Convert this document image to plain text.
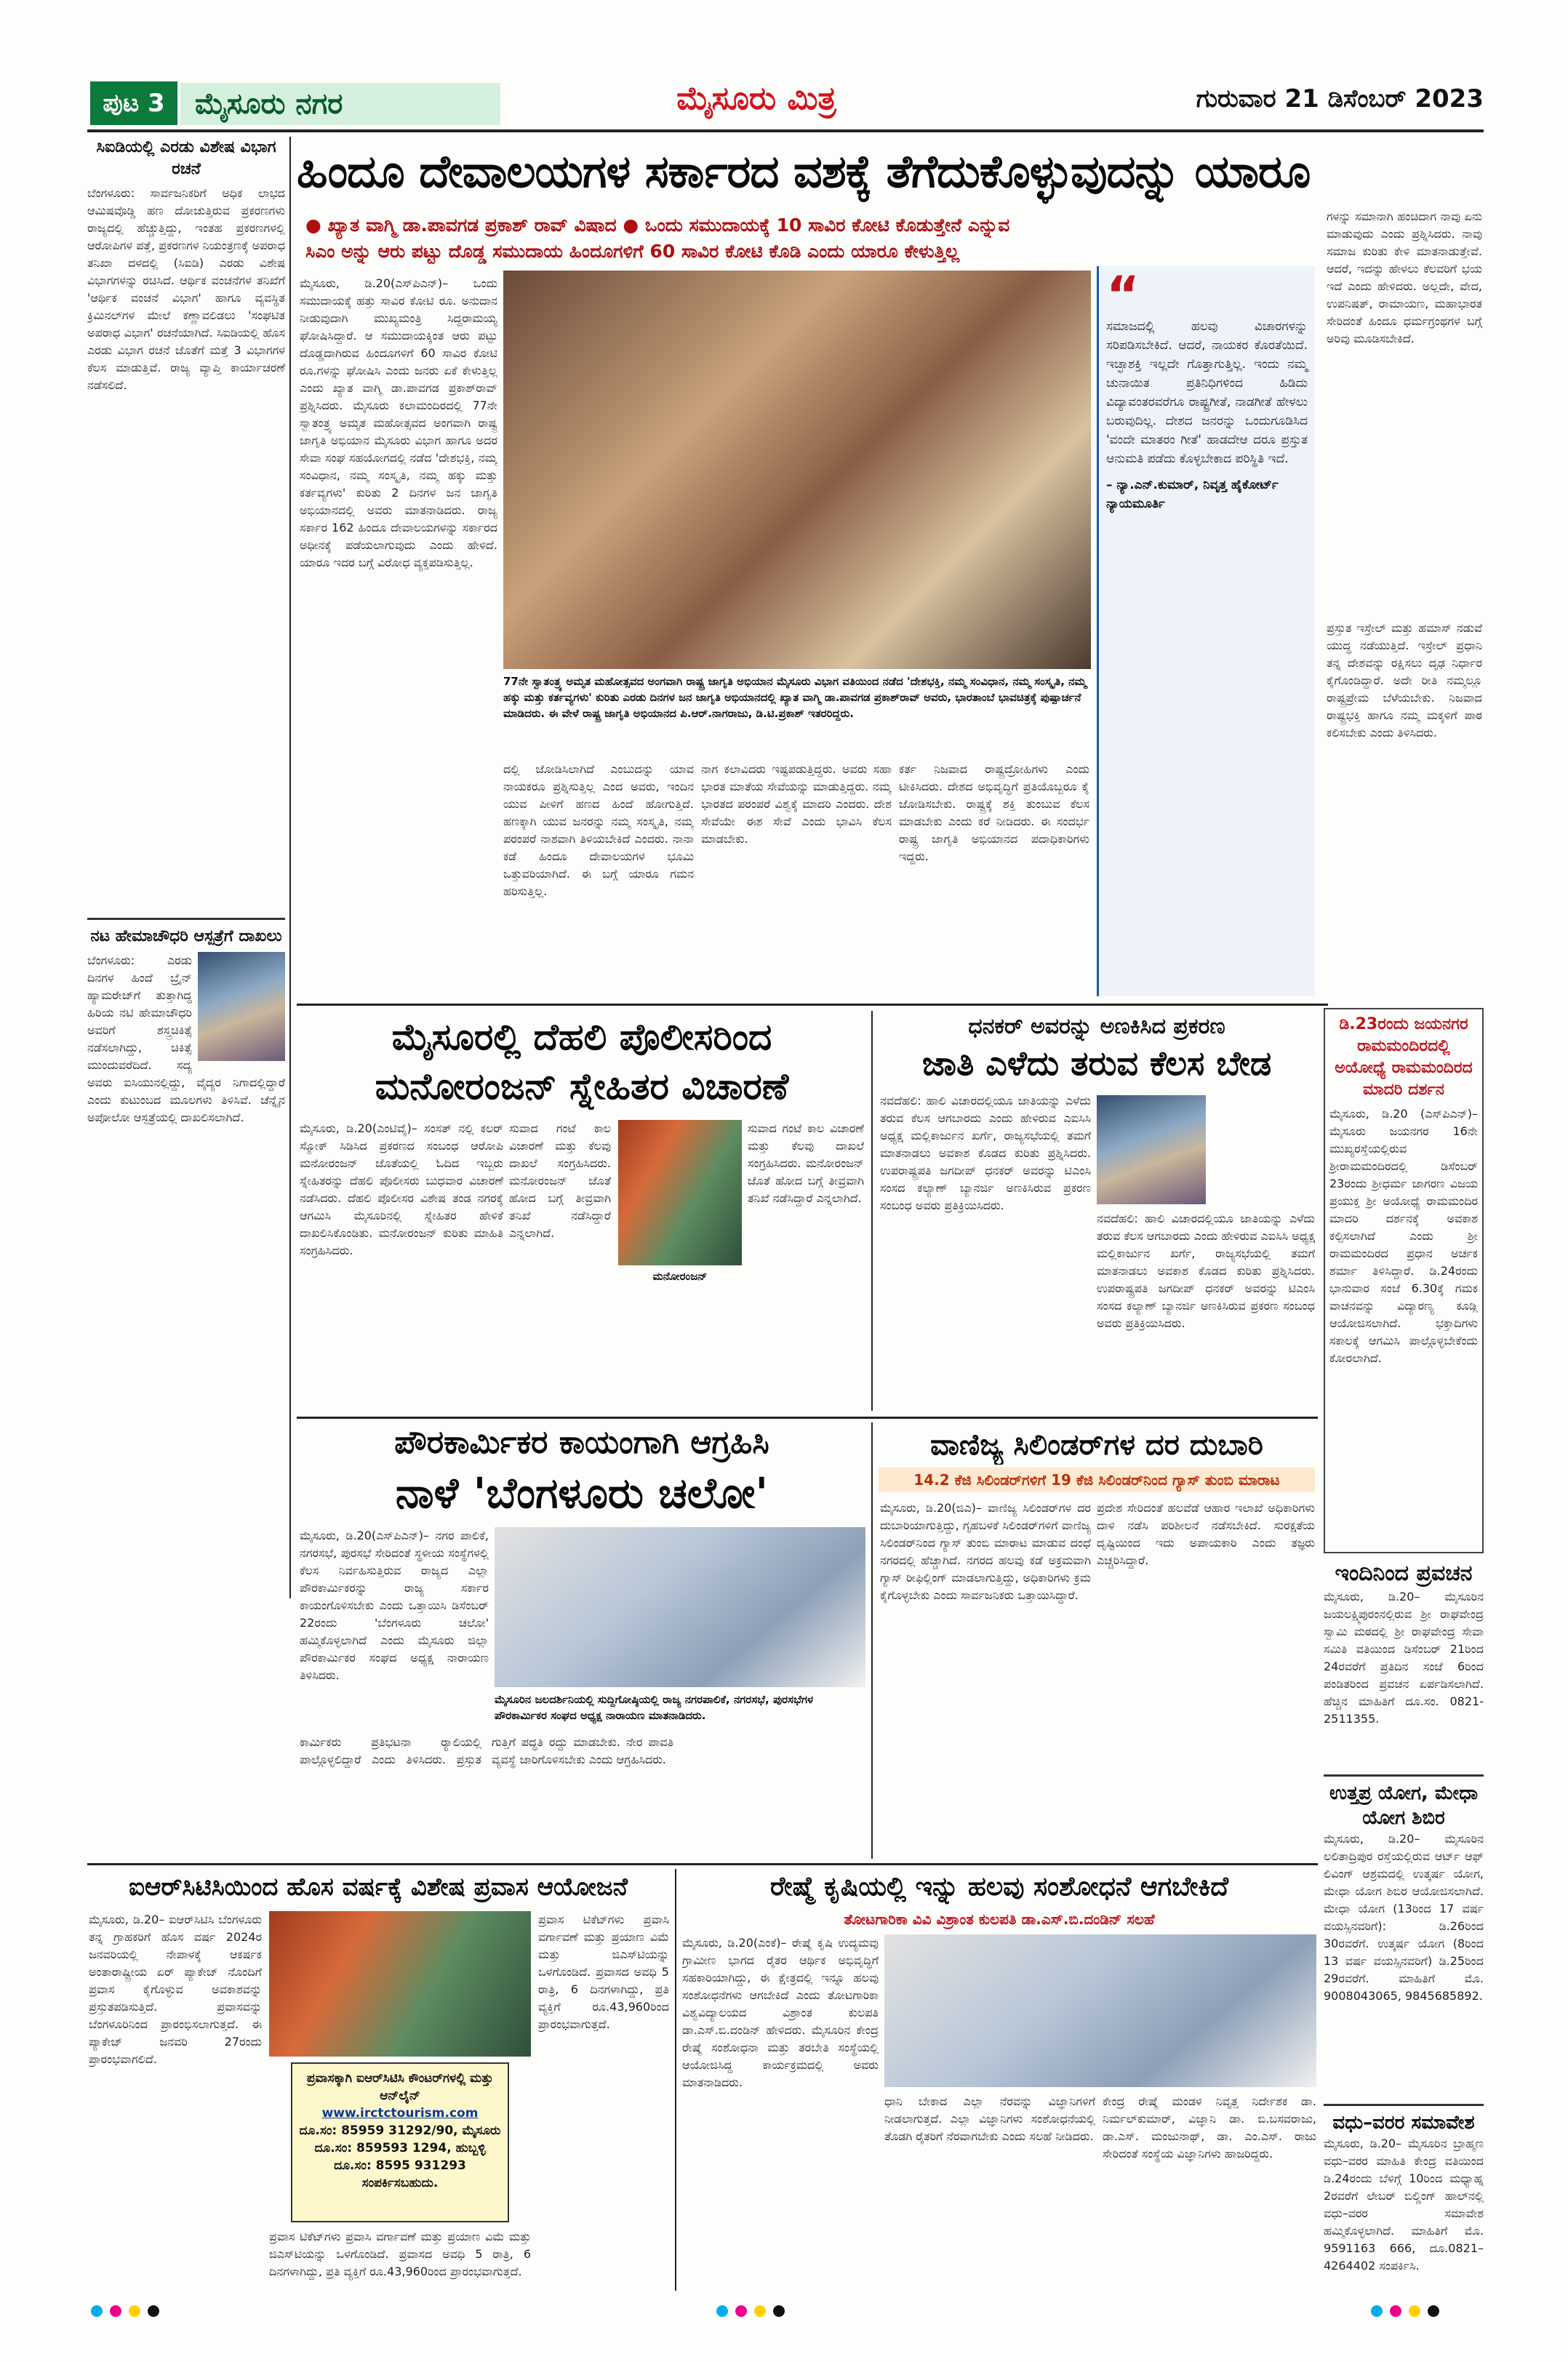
ಪುಟ 3 ಮೈಸೂರು ನಗರ	ಮೈಸೂರು ಮಿತ್ರ	ಗುರುವಾರ 21 ಡಿಸೆಂಬರ್ 2023
ಸಿಐಡಿಯಲ್ಲಿ ಎರಡು ವಿಶೇಷ ವಿಭಾಗ ರಚನೆ
ಬೆಂಗಳೂರು: ಸಾರ್ವಜನಿಕರಿಗೆ ಅಧಿಕ ಲಾಭದ ಆಮಿಷವೊಡ್ಡಿ ಹಣ ದೋಚುತ್ತಿರುವ ಪ್ರಕರಣಗಳು ರಾಜ್ಯದಲ್ಲಿ ಹೆಚ್ಚುತ್ತಿದ್ದು, ಇಂತಹ ಪ್ರಕರಣಗಳಲ್ಲಿ ಆರೋಪಿಗಳ ಪತ್ತೆ, ಪ್ರಕರಣಗಳ ನಿಯಂತ್ರಣಕ್ಕೆ ಅಪರಾಧ ತನಿಖಾ ದಳದಲ್ಲಿ (ಸಿಐಡಿ) ಎರಡು ವಿಶೇಷ ವಿಭಾಗಗಳನ್ನು ರಚಿಸಿದೆ. ಆರ್ಥಿಕ ವಂಚನೆಗಳ ತನಿಖೆಗೆ 'ಆರ್ಥಿಕ ವಂಚನೆ ವಿಭಾಗ' ಹಾಗೂ ವ್ಯವಸ್ಥಿತ ಕ್ರಿಮಿನಲ್‌ಗಳ ಮೇಲೆ ಕಣ್ಣಾವಲಿಡಲು 'ಸಂಘಟಿತ ಅಪರಾಧ ವಿಭಾಗ' ರಚನೆಯಾಗಿದೆ. ಸಿಐಡಿಯಲ್ಲಿ ಹೊಸ ಎರಡು ವಿಭಾಗ ರಚನೆ ಜೊತೆಗೆ ಮತ್ತೆ 3 ವಿಭಾಗಗಳ ಕೆಲಸ ಮಾಡುತ್ತಿವೆ. ರಾಜ್ಯ ವ್ಯಾಪ್ತಿ ಕಾರ್ಯಾಚರಣೆ ನಡೆಸಲಿದೆ.
ನಟ ಹೇಮಾಚೌಧರಿ ಆಸ್ಪತ್ರೆಗೆ ದಾಖಲು
ಬೆಂಗಳೂರು: ಎರಡು ದಿನಗಳ ಹಿಂದೆ ಬ್ರೈನ್ ಹ್ಯಾಮರೇಜ್‌ಗೆ ತುತ್ತಾಗಿದ್ದ ಹಿರಿಯ ನಟಿ ಹೇಮಾಚೌಧರಿ ಅವರಿಗೆ ಶಸ್ತ್ರಚಿಕಿತ್ಸೆ ನಡೆಸಲಾಗಿದ್ದು, ಚಿಕಿತ್ಸೆ ಮುಂದುವರೆದಿದೆ. ಸದ್ಯ ಅವರು ಐಸಿಯುನಲ್ಲಿದ್ದು, ವೈದ್ಯರ ನಿಗಾದಲ್ಲಿದ್ದಾರೆ ಎಂದು ಕುಟುಂಬದ ಮೂಲಗಳು ತಿಳಿಸಿವೆ. ಚೆನ್ನೈನ ಅಪೋಲೋ ಆಸ್ಪತ್ರೆಯಲ್ಲಿ ದಾಖಲಿಸಲಾಗಿದೆ.
ಹಿಂದೂ ದೇವಾಲಯಗಳ ಸರ್ಕಾರದ ವಶಕ್ಕೆ ತೆಗೆದುಕೊಳ್ಳುವುದನ್ನು ಯಾರೂ
● ಖ್ಯಾತ ವಾಗ್ಮಿ ಡಾ.ಪಾವಗಡ ಪ್ರಕಾಶ್ ರಾವ್ ವಿಷಾದ ● ಒಂದು ಸಮುದಾಯಕ್ಕೆ 10 ಸಾವಿರ ಕೋಟಿ ಕೊಡುತ್ತೇನೆ ಎನ್ನುವ
ಸಿಎಂ ಅನ್ನು ಆರು ಪಟ್ಟು ದೊಡ್ಡ ಸಮುದಾಯ ಹಿಂದೂಗಳಿಗೆ 60 ಸಾವಿರ ಕೋಟಿ ಕೊಡಿ ಎಂದು ಯಾರೂ ಕೇಳುತ್ತಿಲ್ಲ
ಮೈಸೂರು, ಡಿ.20(ಎಸ್‌ಪಿಎನ್)– ಒಂದು ಸಮುದಾಯಕ್ಕೆ ಹತ್ತು ಸಾವಿರ ಕೋಟಿ ರೂ. ಅನುದಾನ ನೀಡುವುದಾಗಿ ಮುಖ್ಯಮಂತ್ರಿ ಸಿದ್ದರಾಮಯ್ಯ ಘೋಷಿಸಿದ್ದಾರೆ. ಆ ಸಮುದಾಯಕ್ಕಿಂತ ಆರು ಪಟ್ಟು ದೊಡ್ಡದಾಗಿರುವ ಹಿಂದೂಗಳಿಗೆ 60 ಸಾವಿರ ಕೋಟಿ ರೂ.ಗಳನ್ನು ಘೋಷಿಸಿ ಎಂದು ಜನರು ಏಕೆ ಕೇಳುತ್ತಿಲ್ಲ ಎಂದು ಖ್ಯಾತ ವಾಗ್ಮಿ ಡಾ.ಪಾವಗಡ ಪ್ರಕಾಶ್‌ರಾವ್ ಪ್ರಶ್ನಿಸಿದರು. ಮೈಸೂರು ಕಲಾಮಂದಿರದಲ್ಲಿ 77ನೇ ಸ್ವಾತಂತ್ರ್ಯ ಅಮೃತ ಮಹೋತ್ಸವದ ಅಂಗವಾಗಿ ರಾಷ್ಟ್ರ ಜಾಗೃತಿ ಅಭಿಯಾನ ಮೈಸೂರು ವಿಭಾಗ ಹಾಗೂ ಅದರ ಸೇವಾ ಸಂಘ ಸಹಯೋಗದಲ್ಲಿ ನಡೆದ 'ದೇಶಭಕ್ತಿ, ನಮ್ಮ ಸಂವಿಧಾನ, ನಮ್ಮ ಸಂಸ್ಕೃತಿ, ನಮ್ಮ ಹಕ್ಕು ಮತ್ತು ಕರ್ತವ್ಯಗಳು' ಕುರಿತು 2 ದಿನಗಳ ಜನ ಜಾಗೃತಿ ಅಭಿಯಾನದಲ್ಲಿ ಅವರು ಮಾತನಾಡಿದರು. ರಾಜ್ಯ ಸರ್ಕಾರ 162 ಹಿಂದೂ ದೇವಾಲಯಗಳನ್ನು ಸರ್ಕಾರದ ಅಧೀನಕ್ಕೆ ಪಡೆಯಲಾಗುವುದು ಎಂದು ಹೇಳಿದೆ. ಯಾರೂ ಇದರ ಬಗ್ಗೆ ವಿರೋಧ ವ್ಯಕ್ತಪಡಿಸುತ್ತಿಲ್ಲ.
77ನೇ ಸ್ವಾತಂತ್ರ್ಯ ಅಮೃತ ಮಹೋತ್ಸವದ ಅಂಗವಾಗಿ ರಾಷ್ಟ್ರ ಜಾಗೃತಿ ಅಭಿಯಾನ ಮೈಸೂರು ವಿಭಾಗ ವತಿಯಿಂದ ನಡೆದ 'ದೇಶಭಕ್ತಿ, ನಮ್ಮ ಸಂವಿಧಾನ, ನಮ್ಮ ಸಂಸ್ಕೃತಿ, ನಮ್ಮ ಹಕ್ಕು ಮತ್ತು ಕರ್ತವ್ಯಗಳು' ಕುರಿತು ಎರಡು ದಿನಗಳ ಜನ ಜಾಗೃತಿ ಅಭಿಯಾನದಲ್ಲಿ ಖ್ಯಾತ ವಾಗ್ಮಿ ಡಾ.ಪಾವಗಡ ಪ್ರಕಾಶ್‌ರಾವ್ ಅವರು, ಭಾರತಾಂಬೆ ಭಾವಚಿತ್ರಕ್ಕೆ ಪುಷ್ಪಾರ್ಚನೆ ಮಾಡಿದರು. ಈ ವೇಳೆ ರಾಷ್ಟ್ರ ಜಾಗೃತಿ ಅಭಿಯಾನದ ಪಿ.ಆರ್.ನಾಗರಾಜು, ಡಿ.ಟಿ.ಪ್ರಕಾಶ್ ಇತರರಿದ್ದರು.
ದಲ್ಲಿ ಜೋಡಿಸಿಲಾಗಿದೆ ಎಂಬುದನ್ನು ಯಾವ ನಾಯಕರೂ ಪ್ರಶ್ನಿಸುತ್ತಿಲ್ಲ ಎಂದ ಅವರು, ಇಂದಿನ ಯುವ ಪೀಳಿಗೆ ಹಣದ ಹಿಂದೆ ಹೋಗುತ್ತಿದೆ. ಹಣಕ್ಕಾಗಿ ಯುವ ಜನರನ್ನು ನಮ್ಮ ಸಂಸ್ಕೃತಿ, ನಮ್ಮ ಪರಂಪರೆ ನಾಶವಾಗಿ ತಿಳಿಯಬೇಕಿದೆ ಎಂದರು. ನಾನಾ ಕಡೆ ಹಿಂದೂ ದೇವಾಲಯಗಳ ಭೂಮಿ ಒತ್ತುವರಿಯಾಗಿದೆ. ಈ ಬಗ್ಗೆ ಯಾರೂ ಗಮನ ಹರಿಸುತ್ತಿಲ್ಲ.
ನಾಗ ಕಲಾವಿದರು ಇಷ್ಟಪಡುತ್ತಿದ್ದರು. ಅವರು ಸಹಾ ಭಾರತ ಮಾತೆಯ ಸೇವೆಯನ್ನು ಮಾಡುತ್ತಿದ್ದರು. ನಮ್ಮ ಭಾರತದ ಪರಂಪರೆ ವಿಶ್ವಕ್ಕೆ ಮಾದರಿ ಎಂದರು. ದೇಶ ಸೇವೆಯೇ ಈಶ ಸೇವೆ ಎಂದು ಭಾವಿಸಿ ಕೆಲಸ ಮಾಡಬೇಕು.
ಕರ್ತ ನಿಜವಾದ ರಾಷ್ಟ್ರದ್ರೋಹಿಗಳು ಎಂದು ಟೀಕಿಸಿದರು. ದೇಶದ ಅಭಿವೃದ್ಧಿಗೆ ಪ್ರತಿಯೊಬ್ಬರೂ ಕೈ ಜೋಡಿಸಬೇಕು. ರಾಷ್ಟ್ರಕ್ಕೆ ಶಕ್ತಿ ತುಂಬುವ ಕೆಲಸ ಮಾಡಬೇಕು ಎಂದು ಕರೆ ನೀಡಿದರು. ಈ ಸಂದರ್ಭ ರಾಷ್ಟ್ರ ಜಾಗೃತಿ ಅಭಿಯಾನದ ಪದಾಧಿಕಾರಿಗಳು ಇದ್ದರು.
“
ಸಮಾಜದಲ್ಲಿ ಹಲವು ವಿಚಾರಗಳನ್ನು ಸರಿಪಡಿಸಬೇಕಿದೆ. ಆದರೆ, ನಾಯಕರ ಕೊರತೆಯಿದೆ. ಇಚ್ಛಾಶಕ್ತಿ ಇಲ್ಲದೇ ಗೊತ್ತಾಗುತ್ತಿಲ್ಲ. ಇಂದು ನಮ್ಮ ಚುನಾಯಿತ ಪ್ರತಿನಿಧಿಗಳಿಂದ ಹಿಡಿದು ವಿದ್ಯಾವಂತರವರೆಗೂ ರಾಷ್ಟ್ರಗೀತೆ, ನಾಡಗೀತೆ ಹೇಳಲು ಬರುವುದಿಲ್ಲ. ದೇಶದ ಜನರನ್ನು ಒಂದುಗೂಡಿಸಿದ 'ವಂದೇ ಮಾತರಂ ಗೀತೆ' ಹಾಡದೇಆ ದರೂ ಪ್ರಸ್ತುತ ಆನುಮತಿ ಪಡೆದು ಕೊಳ್ಳಬೇಕಾದ ಪರಿಸ್ಥಿತಿ ಇದೆ.
– ನ್ಯಾ.ಎನ್.ಕುಮಾರ್, ನಿವೃತ್ತ ಹೈಕೋರ್ಟ್ ನ್ಯಾಯಮೂರ್ತಿ
ಗಳನ್ನು ಸಮಾನಾಗಿ ಹಂಚಿದಾಗ ನಾವು ಏನು ಮಾಡುವುದು ಎಂದು ಪ್ರಶ್ನಿಸಿದರು. ನಾವು ಸಮಾಜ ಕುರಿತು ಕೇಳಿ ಮಾತನಾಡುತ್ತೇವೆ. ಆದರೆ, ಇದನ್ನು ಹೇಳಲು ಕೆಲವರಿಗೆ ಭಯ ಇದೆ ಎಂದು ಹೇಳಿದರು. ಅಲ್ಲದೇ, ವೇದ, ಉಪನಿಷತ್, ರಾಮಾಯಣ, ಮಹಾಭಾರತ ಸೇರಿದಂತೆ ಹಿಂದೂ ಧರ್ಮಗ್ರಂಥಗಳ ಬಗ್ಗೆ ಅರಿವು ಮೂಡಿಸಬೇಕಿದೆ.
ಪ್ರಸ್ತುತ ಇಸ್ರೇಲ್ ಮತ್ತು ಹಮಾಸ್ ನಡುವೆ ಯುದ್ಧ ನಡೆಯುತ್ತಿದೆ. ಇಸ್ರೇಲ್ ಪ್ರಧಾನಿ ತನ್ನ ದೇಶವನ್ನು ರಕ್ಷಿಸಲು ದೃಢ ನಿರ್ಧಾರ ಕೈಗೊಂಡಿದ್ದಾರೆ. ಅದೇ ರೀತಿ ನಮ್ಮಲ್ಲೂ ರಾಷ್ಟ್ರಪ್ರೇಮ ಬೆಳೆಯಬೇಕು. ನಿಜವಾದ ರಾಷ್ಟ್ರಭಕ್ತಿ ಹಾಗೂ ನಮ್ಮ ಮಕ್ಕಳಿಗೆ ಪಾಠ ಕಲಿಸಬೇಕು ಎಂದು ತಿಳಿಸಿದರು.
ಮೈಸೂರಲ್ಲಿ ದೆಹಲಿ ಪೊಲೀಸರಿಂದ
ಮನೋರಂಜನ್ ಸ್ನೇಹಿತರ ವಿಚಾರಣೆ
ಮೈಸೂರು, ಡಿ.20(ಎಂಟಿವೈ)– ಸಂಸತ್ ನಲ್ಲಿ ಕಲರ್ ಸ್ಮೋಕ್ ಸಿಡಿಸಿದ ಪ್ರಕರಣದ ಸಂಬಂಧ ಆರೋಪಿ ಮನೋರಂಜನ್‌ ಜೊತೆಯಲ್ಲಿ ಓದಿದ ಇಬ್ಬರು ಸ್ನೇಹಿತರನ್ನು ದೆಹಲಿ ಪೊಲೀಸರು ಬುಧವಾರ ವಿಚಾರಣೆ ನಡೆಸಿದರು. ದೆಹಲಿ ಪೊಲೀಸರ ವಿಶೇಷ ತಂಡ ನಗರಕ್ಕೆ ಆಗಮಿಸಿ ಮೈಸೂರಿನಲ್ಲಿ ಸ್ನೇಹಿತರ ಹೇಳಿಕೆ ದಾಖಲಿಸಿಕೊಂಡಿತು. ಮನೋರಂಜನ್ ಕುರಿತು ಮಾಹಿತಿ ಸಂಗ್ರಹಿಸಿದರು.
ಸುವಾದ ಗಂಟೆ ಕಾಲ ವಿಚಾರಣೆ ಮತ್ತು ಕೆಲವು ದಾಖಲೆ ಸಂಗ್ರಹಿಸಿದರು. ಮನೋರಂಜನ್ ಜೊತೆ ಹೋದ ಬಗ್ಗೆ ತೀವ್ರವಾಗಿ ತನಿಖೆ ನಡೆಸಿದ್ದಾರೆ ಎನ್ನಲಾಗಿದೆ.
ಮನೋರಂಜನ್
ಸುವಾದ ಗಂಟೆ ಕಾಲ ವಿಚಾರಣೆ ಮತ್ತು ಕೆಲವು ದಾಖಲೆ ಸಂಗ್ರಹಿಸಿದರು. ಮನೋರಂಜನ್ ಜೊತೆ ಹೋದ ಬಗ್ಗೆ ತೀವ್ರವಾಗಿ ತನಿಖೆ ನಡೆಸಿದ್ದಾರೆ ಎನ್ನಲಾಗಿದೆ.
ಧನಕರ್ ಅವರನ್ನು ಅಣಕಿಸಿದ ಪ್ರಕರಣ
ಜಾತಿ ಎಳೆದು ತರುವ ಕೆಲಸ ಬೇಡ
ನವದೆಹಲಿ: ಹಾಲಿ ವಿಚಾರದಲ್ಲಿಯೂ ಜಾತಿಯನ್ನು ಎಳೆದು ತರುವ ಕೆಲಸ ಆಗಬಾರದು ಎಂದು ಹೇಳಿರುವ ಎಐಸಿಸಿ ಅಧ್ಯಕ್ಷ ಮಲ್ಲಿಕಾರ್ಜುನ ಖರ್ಗೆ, ರಾಜ್ಯಸಭೆಯಲ್ಲಿ ತಮಗೆ ಮಾತನಾಡಲು ಅವಕಾಶ ಕೊಡದ ಕುರಿತು ಪ್ರಶ್ನಿಸಿದರು. ಉಪರಾಷ್ಟ್ರಪತಿ ಜಗದೀಪ್ ಧನಕರ್ ಅವರನ್ನು ಟಿಎಂಸಿ ಸಂಸದ ಕಲ್ಯಾಣ್ ಬ್ಯಾನರ್ಜಿ ಅಣಕಿಸಿರುವ ಪ್ರಕರಣ ಸಂಬಂಧ ಅವರು ಪ್ರತಿಕ್ರಿಯಿಸಿದರು.
ನವದೆಹಲಿ: ಹಾಲಿ ವಿಚಾರದಲ್ಲಿಯೂ ಜಾತಿಯನ್ನು ಎಳೆದು ತರುವ ಕೆಲಸ ಆಗಬಾರದು ಎಂದು ಹೇಳಿರುವ ಎಐಸಿಸಿ ಅಧ್ಯಕ್ಷ ಮಲ್ಲಿಕಾರ್ಜುನ ಖರ್ಗೆ, ರಾಜ್ಯಸಭೆಯಲ್ಲಿ ತಮಗೆ ಮಾತನಾಡಲು ಅವಕಾಶ ಕೊಡದ ಕುರಿತು ಪ್ರಶ್ನಿಸಿದರು. ಉಪರಾಷ್ಟ್ರಪತಿ ಜಗದೀಪ್ ಧನಕರ್ ಅವರನ್ನು ಟಿಎಂಸಿ ಸಂಸದ ಕಲ್ಯಾಣ್ ಬ್ಯಾನರ್ಜಿ ಅಣಕಿಸಿರುವ ಪ್ರಕರಣ ಸಂಬಂಧ ಅವರು ಪ್ರತಿಕ್ರಿಯಿಸಿದರು.
ಡಿ.23ರಂದು ಜಯನಗರ ರಾಮಮಂದಿರದಲ್ಲಿ ಅಯೋಧ್ಯೆ ರಾಮಮಂದಿರದ ಮಾದರಿ ದರ್ಶನ
ಮೈಸೂರು, ಡಿ.20 (ಎಸ್‌ಪಿಎನ್)– ಮೈಸೂರು ಜಯನಗರ 16ನೇ ಮುಖ್ಯರಸ್ತೆಯಲ್ಲಿರುವ ಶ್ರೀರಾಮಮಂದಿರದಲ್ಲಿ ಡಿಸೆಂಬರ್ 23ರಂದು ಶ್ರೀಧರ್ಮ ಜಾಗರಣ ವಿಜಯ ಪ್ರಯುಕ್ತ ಶ್ರೀ ಅಯೋಧ್ಯೆ ರಾಮಮಂದಿರ ಮಾದರಿ ದರ್ಶನಕ್ಕೆ ಅವಕಾಶ ಕಲ್ಪಿಸಲಾಗಿದೆ ಎಂದು ಶ್ರೀ ರಾಮಮಂದಿರದ ಪ್ರಧಾನ ಅರ್ಚಕ ಶರ್ಮಾ ತಿಳಿಸಿದ್ದಾರೆ. ಡಿ.24ರಂದು ಭಾನುವಾರ ಸಂಜೆ 6.30ಕ್ಕೆ ಗಮಕ ವಾಚನವನ್ನು ವಿದ್ಯಾರಣ್ಯ ಕೂಡ್ಲಿ ಆಯೋಜಿಸಲಾಗಿದೆ. ಭಕ್ತಾದಿಗಳು ಸಕಾಲಕ್ಕೆ ಆಗಮಿಸಿ ಪಾಲ್ಗೊಳ್ಳಬೇಕೆಂದು ಕೋರಲಾಗಿದೆ.
ಪೌರಕಾರ್ಮಿಕರ ಕಾಯಂಗಾಗಿ ಆಗ್ರಹಿಸಿ
ನಾಳೆ 'ಬೆಂಗಳೂರು ಚಲೋ'
ಮೈಸೂರು, ಡಿ.20(ಎಸ್‌ಪಿಎನ್)– ನಗರ ಪಾಲಿಕೆ, ನಗರಸಭೆ, ಪುರಸಭೆ ಸೇರಿದಂತೆ ಸ್ಥಳೀಯ ಸಂಸ್ಥೆಗಳಲ್ಲಿ ಕೆಲಸ ನಿರ್ವಹಿಸುತ್ತಿರುವ ರಾಜ್ಯದ ಎಲ್ಲಾ ಪೌರಕಾರ್ಮಿಕರನ್ನು ರಾಜ್ಯ ಸರ್ಕಾರ ಕಾಯಂಗೊಳಿಸಬೇಕು ಎಂದು ಒತ್ತಾಯಿಸಿ ಡಿಸೆಂಬರ್ 22ರಂದು 'ಬೆಂಗಳೂರು ಚಲೋ' ಹಮ್ಮಿಕೊಳ್ಳಲಾಗಿದೆ ಎಂದು ಮೈಸೂರು ಜಿಲ್ಲಾ ಪೌರಕಾರ್ಮಿಕರ ಸಂಘದ ಅಧ್ಯಕ್ಷ ನಾರಾಯಣ ತಿಳಿಸಿದರು.
ಮೈಸೂರಿನ ಜಲದರ್ಶಿನಿಯಲ್ಲಿ ಸುದ್ದಿಗೋಷ್ಠಿಯಲ್ಲಿ ರಾಜ್ಯ ನಗರಪಾಲಿಕೆ, ನಗರಸಭೆ, ಪುರಸಭೆಗಳ ಪೌರಕಾರ್ಮಿಕರ ಸಂಘದ ಅಧ್ಯಕ್ಷ ನಾರಾಯಣ ಮಾತನಾಡಿದರು.
ಕಾರ್ಮಿಕರು ಪ್ರತಿಭಟನಾ ರ್‍ಯಾಲಿಯಲ್ಲಿ ಪಾಲ್ಗೊಳ್ಳಲಿದ್ದಾರೆ ಎಂದು ತಿಳಿಸಿದರು. ಪ್ರಸ್ತುತ ಗುತ್ತಿಗೆ ಪದ್ಧತಿ ರದ್ದು ಮಾಡಬೇಕು. ನೇರ ಪಾವತಿ ವ್ಯವಸ್ಥೆ ಜಾರಿಗೊಳಿಸಬೇಕು ಎಂದು ಆಗ್ರಹಿಸಿದರು.
ವಾಣಿಜ್ಯ ಸಿಲಿಂಡರ್‌ಗಳ ದರ ದುಬಾರಿ
14.2 ಕೆಜಿ ಸಿಲಿಂಡರ್‌ಗಳಿಗೆ 19 ಕೆಜಿ ಸಿಲಿಂಡರ್‌ನಿಂದ ಗ್ಯಾಸ್ ತುಂಬಿ ಮಾರಾಟ
ಮೈಸೂರು, ಡಿ.20(ಜಿಎ)– ವಾಣಿಜ್ಯ ಸಿಲಿಂಡರ್‌ಗಳ ದರ ದುಬಾರಿಯಾಗುತ್ತಿದ್ದು, ಗೃಹಬಳಕೆ ಸಿಲಿಂಡರ್‌ಗಳಿಗೆ ವಾಣಿಜ್ಯ ಸಿಲಿಂಡರ್‌ನಿಂದ ಗ್ಯಾಸ್ ತುಂಬಿ ಮಾರಾಟ ಮಾಡುವ ದಂಧೆ ನಗರದಲ್ಲಿ ಹೆಚ್ಚಾಗಿದೆ. ನಗರದ ಹಲವು ಕಡೆ ಅಕ್ರಮವಾಗಿ ಗ್ಯಾಸ್ ರೀಫಿಲ್ಲಿಂಗ್ ಮಾಡಲಾಗುತ್ತಿದ್ದು, ಅಧಿಕಾರಿಗಳು ಕ್ರಮ ಕೈಗೊಳ್ಳಬೇಕು ಎಂದು ಸಾರ್ವಜನಿಕರು ಒತ್ತಾಯಿಸಿದ್ದಾರೆ.
ಪ್ರದೇಶ ಸೇರಿದಂತೆ ಹಲವೆಡೆ ಆಹಾರ ಇಲಾಖೆ ಅಧಿಕಾರಿಗಳು ದಾಳಿ ನಡೆಸಿ ಪರಿಶೀಲನೆ ನಡೆಸಬೇಕಿದೆ. ಸುರಕ್ಷತೆಯ ದೃಷ್ಟಿಯಿಂದ ಇದು ಅಪಾಯಕಾರಿ ಎಂದು ತಜ್ಞರು ಎಚ್ಚರಿಸಿದ್ದಾರೆ.
ಇಂದಿನಿಂದ ಪ್ರವಚನ
ಮೈಸೂರು, ಡಿ.20– ಮೈಸೂರಿನ ಜಯಲಕ್ಷ್ಮಿಪುರಂನಲ್ಲಿರುವ ಶ್ರೀ ರಾಘವೇಂದ್ರ ಸ್ವಾಮಿ ಮಠದಲ್ಲಿ ಶ್ರೀ ರಾಘವೇಂದ್ರ ಸೇವಾ ಸಮಿತಿ ವತಿಯಿಂದ ಡಿಸೆಂಬರ್ 21ರಿಂದ 24ರವರೆಗೆ ಪ್ರತಿದಿನ ಸಂಜೆ 6ರಿಂದ ಪಂಡಿತರಿಂದ ಪ್ರವಚನ ಏರ್ಪಡಿಸಲಾಗಿದೆ. ಹೆಚ್ಚಿನ ಮಾಹಿತಿಗೆ ದೂ.ಸಂ. 0821-2511355.
ಉತ್ತಪ್ರ ಯೋಗ, ಮೇಧಾ ಯೋಗ ಶಿಬಿರ
ಮೈಸೂರು, ಡಿ.20– ಮೈಸೂರಿನ ಲಲಿತಾದ್ರಿಪುರ ರಸ್ತೆಯಲ್ಲಿರುವ ಆರ್ಟ್ ಆಫ್ ಲಿವಿಂಗ್ ಆಶ್ರಮದಲ್ಲಿ ಉತ್ಕರ್ಷ ಯೋಗ, ಮೇಧಾ ಯೋಗ ಶಿಬಿರ ಆಯೋಜಿಸಲಾಗಿದೆ. ಮೇಧಾ ಯೋಗ (13ರಿಂದ 17 ವರ್ಷ ವಯಸ್ಸಿನವರಿಗೆ): ಡಿ.26ರಿಂದ 30ರವರೆಗೆ. ಉತ್ಕರ್ಷ ಯೋಗ (8ರಿಂದ 13 ವರ್ಷ ವಯಸ್ಸಿನವರಿಗೆ) ಡಿ.25ರಿಂದ 29ರವರೆಗೆ. ಮಾಹಿತಿಗೆ ಮೊ. 9008043065, 9845685892.
ವಧು–ವರರ ಸಮಾವೇಶ
ಮೈಸೂರು, ಡಿ.20– ಮೈಸೂರಿನ ಬ್ರಾಹ್ಮಣ ವಧು–ವರರ ಮಾಹಿತಿ ಕೇಂದ್ರ ವತಿಯಿಂದ ಡಿ.24ರಂದು ಬೆಳಿಗ್ಗೆ 10ರಿಂದ ಮಧ್ಯಾಹ್ನ 2ರವರೆಗೆ ಲೇಬರ್ ಬಿಲ್ಡಿಂಗ್ ಹಾಲ್‌ನಲ್ಲಿ ವಧು–ವರರ ಸಮಾವೇಶ ಹಮ್ಮಿಕೊಳ್ಳಲಾಗಿದೆ. ಮಾಹಿತಿಗೆ ಮೊ. 9591163 666, ದೂ.0821–4264402 ಸಂಪರ್ಕಿಸಿ.
ಐಆರ್‌ಸಿಟಿಸಿಯಿಂದ ಹೊಸ ವರ್ಷಕ್ಕೆ ವಿಶೇಷ ಪ್ರವಾಸ ಆಯೋಜನೆ
ಮೈಸೂರು, ಡಿ.20– ಐಆರ್‌ಸಿಟಿಸಿ ಬೆಂಗಳೂರು ತನ್ನ ಗ್ರಾಹಕರಿಗೆ ಹೊಸ ವರ್ಷ 2024ರ ಜನವರಿಯಲ್ಲಿ ನೇಪಾಳಕ್ಕೆ ಆಕರ್ಷಕ ಅಂತಾರಾಷ್ಟ್ರೀಯ ಏರ್ ಪ್ಯಾಕೇಜ್ ನೊಂದಿಗೆ ಪ್ರವಾಸ ಕೈಗೊಳ್ಳುವ ಅವಕಾಶವನ್ನು ಪ್ರಸ್ತುತಪಡಿಸುತ್ತಿದೆ. ಪ್ರವಾಸವನ್ನು ಬೆಂಗಳೂರಿನಿಂದ ಪ್ರಾರಂಭಿಸಲಾಗುತ್ತದೆ. ಈ ಪ್ಯಾಕೇಜ್ ಜನವರಿ 27ರಂದು ಪ್ರಾರಂಭವಾಗಲಿದೆ.
ಪ್ರವಾಸಕ್ಕಾಗಿ ಐಆರ್‌ಸಿಟಿಸಿ ಕೌಂಟರ್‌ಗಳಲ್ಲಿ ಮತ್ತು ಆನ್‌ಲೈನ್
www.irctctourism.com
ದೂ.ಸಂ: 85959 31292/90, ಮೈಸೂರು ದೂ.ಸಂ: 859593 1294, ಹುಬ್ಬಳ್ಳಿ ದೂ.ಸಂ: 8595 931293 ಸಂಪರ್ಕಿಸಬಹುದು.
ಪ್ರವಾಸ ಟಿಕೆಟ್‌ಗಳು ಪ್ರವಾಸಿ ವರ್ಗಾವಣೆ ಮತ್ತು ಪ್ರಯಾಣ ವಿಮೆ ಮತ್ತು ಜಿಎಸ್‌ಟಿಯನ್ನು ಒಳಗೊಂಡಿದೆ. ಪ್ರವಾಸದ ಅವಧಿ 5 ರಾತ್ರಿ, 6 ದಿನಗಳಾಗಿದ್ದು, ಪ್ರತಿ ವ್ಯಕ್ತಿಗೆ ರೂ.43,960ರಿಂದ ಪ್ರಾರಂಭವಾಗುತ್ತದೆ.
ಪ್ರವಾಸ ಟಿಕೆಟ್‌ಗಳು ಪ್ರವಾಸಿ ವರ್ಗಾವಣೆ ಮತ್ತು ಪ್ರಯಾಣ ವಿಮೆ ಮತ್ತು ಜಿಎಸ್‌ಟಿಯನ್ನು ಒಳಗೊಂಡಿದೆ. ಪ್ರವಾಸದ ಅವಧಿ 5 ರಾತ್ರಿ, 6 ದಿನಗಳಾಗಿದ್ದು, ಪ್ರತಿ ವ್ಯಕ್ತಿಗೆ ರೂ.43,960ರಿಂದ ಪ್ರಾರಂಭವಾಗುತ್ತದೆ.
ರೇಷ್ಮೆ ಕೃಷಿಯಲ್ಲಿ ಇನ್ನು ಹಲವು ಸಂಶೋಧನೆ ಆಗಬೇಕಿದೆ
ತೋಟಗಾರಿಕಾ ವಿವಿ ವಿಶ್ರಾಂತ ಕುಲಪತಿ ಡಾ.ಎಸ್.ಬಿ.ದಂಡಿನ್ ಸಲಹೆ
ಮೈಸೂರು, ಡಿ.20(ಎಂಕೆ)– ರೇಷ್ಮೆ ಕೃಷಿ ಉದ್ಯಮವು ಗ್ರಾಮೀಣ ಭಾಗದ ರೈತರ ಆರ್ಥಿಕ ಅಭಿವೃದ್ಧಿಗೆ ಸಹಕಾರಿಯಾಗಿದ್ದು, ಈ ಕ್ಷೇತ್ರದಲ್ಲಿ ಇನ್ನೂ ಹಲವು ಸಂಶೋಧನೆಗಳು ಆಗಬೇಕಿದೆ ಎಂದು ತೋಟಗಾರಿಕಾ ವಿಶ್ವವಿದ್ಯಾಲಯದ ವಿಶ್ರಾಂತ ಕುಲಪತಿ ಡಾ.ಎಸ್.ಬಿ.ದಂಡಿನ್ ಹೇಳಿದರು. ಮೈಸೂರಿನ ಕೇಂದ್ರ ರೇಷ್ಮೆ ಸಂಶೋಧನಾ ಮತ್ತು ತರಬೇತಿ ಸಂಸ್ಥೆಯಲ್ಲಿ ಆಯೋಜಿಸಿದ್ದ ಕಾರ್ಯಕ್ರಮದಲ್ಲಿ ಅವರು ಮಾತನಾಡಿದರು.
ಧಾನಿ ಬೇಕಾದ ಎಲ್ಲಾ ನೆರವನ್ನು ವಿಜ್ಞಾನಿಗಳಿಗೆ ನೀಡಲಾಗುತ್ತದೆ. ಎಲ್ಲಾ ವಿಜ್ಞಾನಿಗಳು ಸಂಶೋಧನೆಯಲ್ಲಿ ತೊಡಗಿ ರೈತರಿಗೆ ನೆರವಾಗಬೇಕು ಎಂದು ಸಲಹೆ ನೀಡಿದರು.
ಕೇಂದ್ರ ರೇಷ್ಮೆ ಮಂಡಳಿ ನಿವೃತ್ತ ನಿರ್ದೇಶಕ ಡಾ. ನಿರ್ಮಲ್‌ಕುಮಾರ್, ವಿಜ್ಞಾನಿ ಡಾ. ಬಿ.ಬಸವರಾಜು, ಡಾ.ಎಸ್. ಮಂಜುನಾಥ್, ಡಾ. ಎಂ.ಎಸ್. ರಾಜು ಸೇರಿದಂತೆ ಸಂಸ್ಥೆಯ ವಿಜ್ಞಾನಿಗಳು ಹಾಜರಿದ್ದರು.
